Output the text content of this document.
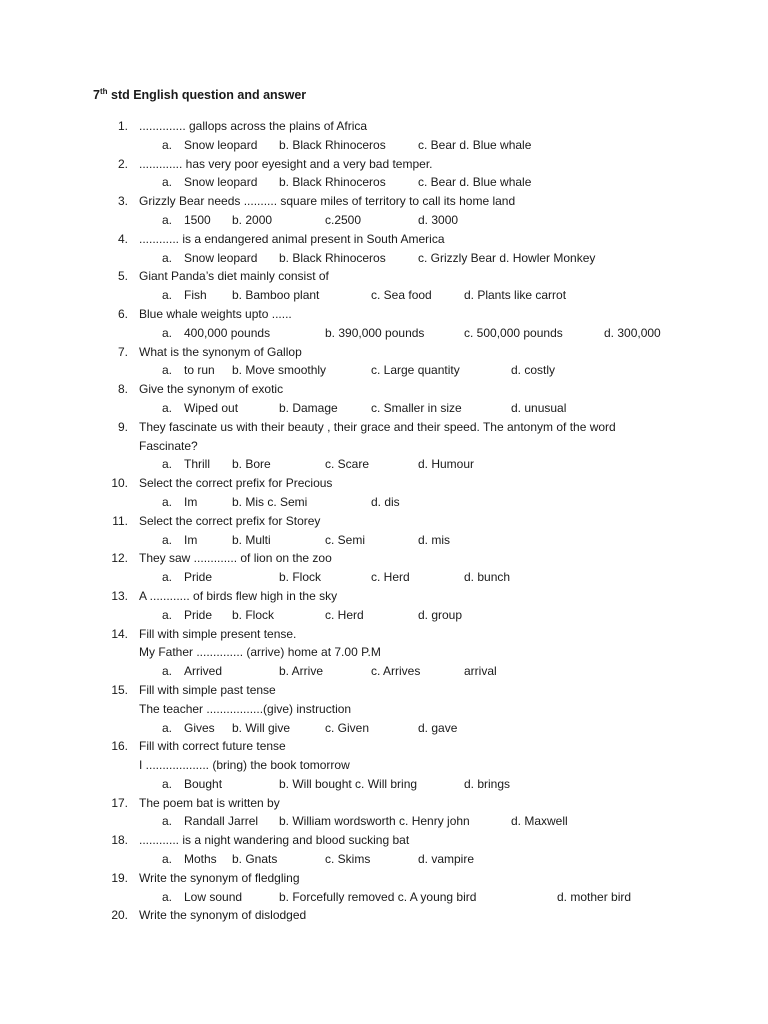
7th std English question and answer
1. .............. gallops across the plains of Africa
a. Snow leopard b. Black Rhinoceros	c. Bear d. Blue whale
2. ............. has very poor eyesight and a very bad temper.
a. Snow leopard b. Black Rhinoceros	c. Bear d. Blue whale
3. Grizzly Bear needs .......... square miles of territory to call its home land
a. 1500 b. 2000	c.2500	d. 3000
4. ............ is a endangered animal present in South America
a. Snow leopard b. Black Rhinoceros	c. Grizzly Bear d. Howler Monkey
5. Giant Panda’s diet mainly consist of
a. Fish b. Bamboo plant	c. Sea food	d. Plants like carrot
6. Blue whale weights upto ......
a. 400,000 pounds	b. 390,000 pounds	c. 500,000 pounds	d. 300,000
7. What is the synonym of Gallop
a. to run b. Move smoothly	c. Large quantity	d. costly
8. Give the synonym of exotic
a. Wiped out	b. Damage	c. Smaller in size	d. unusual
9. They fascinate us with their beauty , their grace and their speed. The antonym of the word
Fascinate?
a. Thrill b. Bore	c. Scare	d. Humour
10. Select the correct prefix for Precious
a. Im	b. Mis c. Semi	d. dis
11. Select the correct prefix for Storey
a. Im	b. Multi	c. Semi	d. mis
12. They saw ............. of lion on the zoo
a. Pride	b. Flock	c. Herd	d. bunch
13. A ............ of birds flew high in the sky
a. Pride b. Flock	c. Herd	d. group
14. Fill with simple present tense.
My Father .............. (arrive) home at 7.00 P.M
a. Arrived	b. Arrive	c. Arrives	arrival
15. Fill with simple past tense
The teacher .................(give) instruction
a. Gives b. Will give	c. Given	d. gave
16. Fill with correct future tense
I ................... (bring) the book tomorrow
a. Bought	b. Will bought c. Will bring	d. brings
17. The poem bat is written by
a. Randall Jarrel b. William wordsworth c. Henry john	d. Maxwell
18. ............ is a night wandering and blood sucking bat
a. Moths b. Gnats	c. Skims	d. vampire
19. Write the synonym of fledgling
a. Low sound	b. Forcefully removed c. A young bird	d. mother bird
20. Write the synonym of dislodged
